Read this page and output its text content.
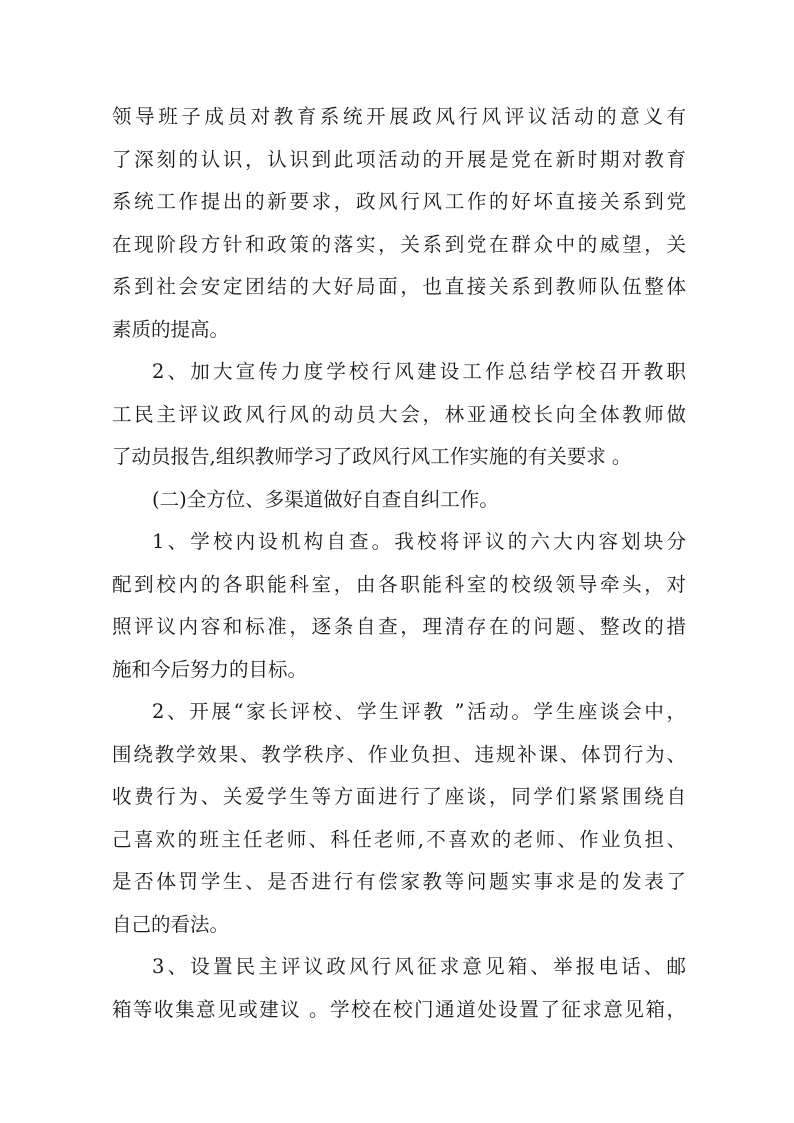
领导班子成员对教育系统开展政风行风评议活动的意义有
了深刻的认识，认识到此项活动的开展是党在新时期对教育
系统工作提出的新要求，政风行风工作的好坏直接关系到党
在现阶段方针和政策的落实，关系到党在群众中的威望，关
系到社会安定团结的大好局面，也直接关系到教师队伍整体
素质的提高。
2、加大宣传力度学校行风建设工作总结学校召开教职
工民主评议政风行风的动员大会，林亚通校长向全体教师做
了动员报告,组织教师学习了政风行风工作实施的有关要求 。
(二)全方位、多渠道做好自查自纠工作。
1、学校内设机构自查。我校将评议的六大内容划块分
配到校内的各职能科室，由各职能科室的校级领导牵头，对
照评议内容和标准，逐条自查，理清存在的问题、整改的措
施和今后努力的目标。
2、开展“家长评校、学生评教 ”活动。学生座谈会中，
围绕教学效果、教学秩序、作业负担、违规补课、体罚行为、
收费行为、关爱学生等方面进行了座谈，同学们紧紧围绕自
己喜欢的班主任老师、科任老师,不喜欢的老师、作业负担、
是否体罚学生、是否进行有偿家教等问题实事求是的发表了
自己的看法。
3、设置民主评议政风行风征求意见箱、举报电话、邮
箱等收集意见或建议 。学校在校门通道处设置了征求意见箱，
